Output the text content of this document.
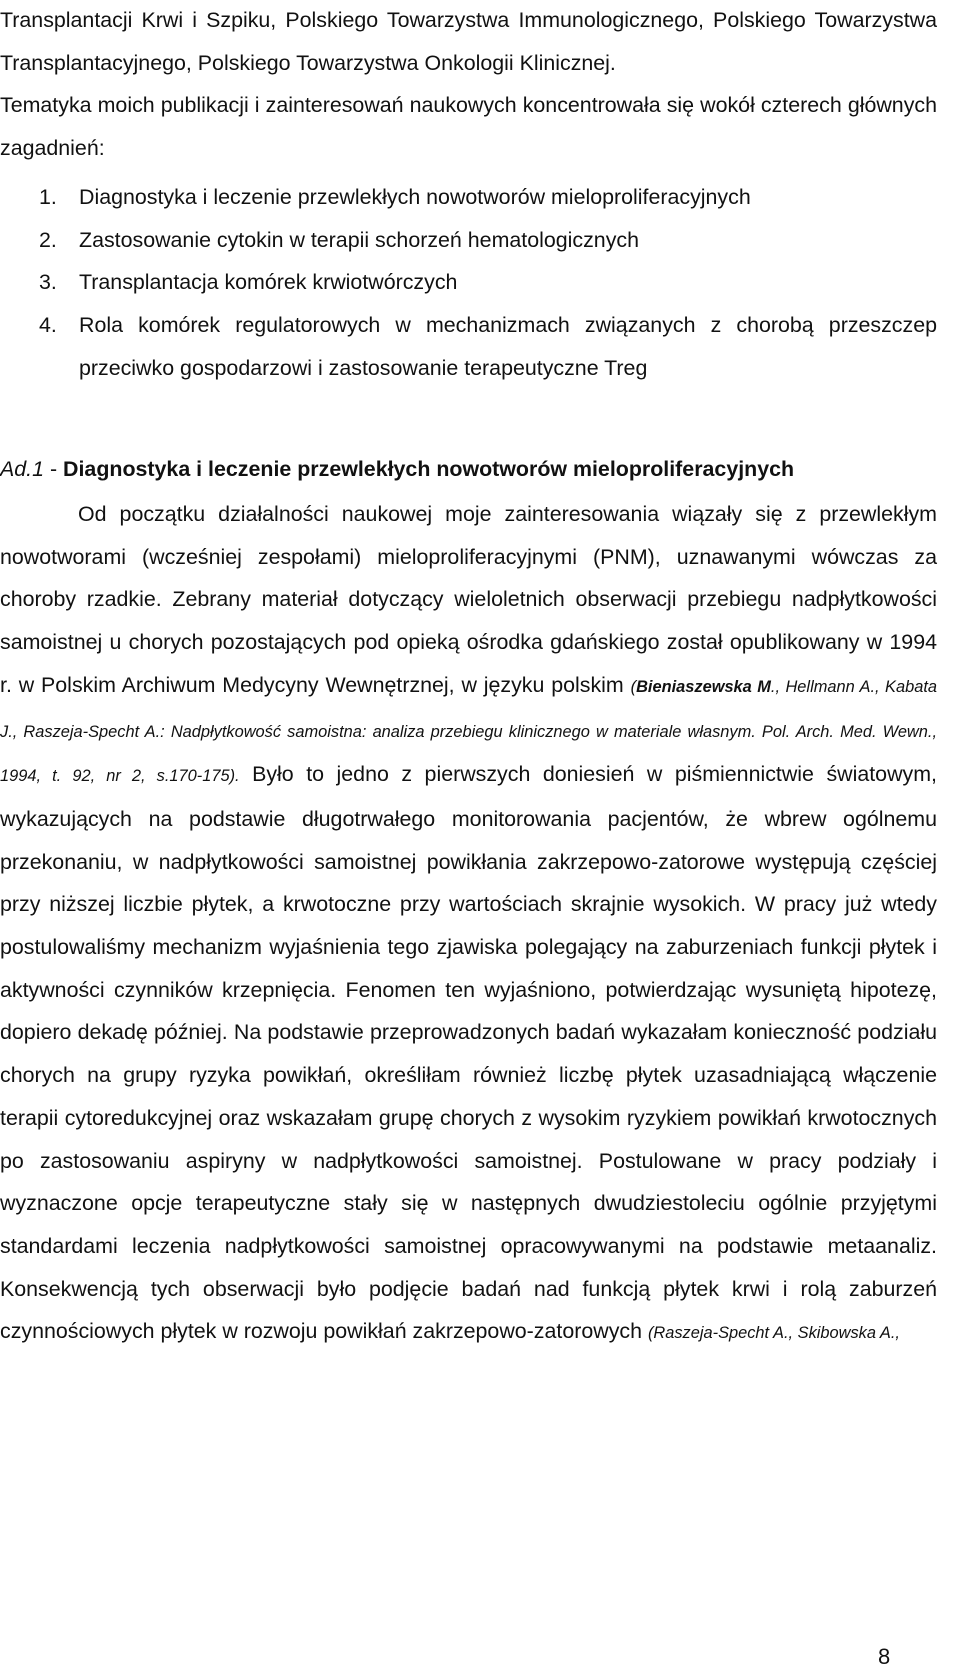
Transplantacji Krwi i Szpiku, Polskiego Towarzystwa Immunologicznego, Polskiego Towarzystwa Transplantacyjnego, Polskiego Towarzystwa Onkologii Klinicznej.
Tematyka moich publikacji i zainteresowań naukowych koncentrowała się wokół czterech głównych zagadnień:

1. Diagnostyka i leczenie przewlekłych nowotworów mieloproliferacyjnych
2. Zastosowanie cytokin w terapii schorzeń hematologicznych
3. Transplantacja komórek krwiotwórczych
4. Rola komórek regulatorowych w mechanizmach związanych z chorobą przeszczep przeciwko gospodarzowi i zastosowanie terapeutyczne Treg

Ad.1 - Diagnostyka i leczenie przewlekłych nowotworów mieloproliferacyjnych

Od początku działalności naukowej moje zainteresowania wiązały się z przewlekłym nowotworami (wcześniej zespołami) mieloproliferacyjnymi (PNM), uznawanymi wówczas za choroby rzadkie. Zebrany materiał dotyczący wieloletnich obserwacji przebiegu nadpłytkowości samoistnej u chorych pozostających pod opieką ośrodka gdańskiego został opublikowany w 1994 r. w Polskim Archiwum Medycyny Wewnętrznej, w języku polskim (Bieniaszewska M., Hellmann A., Kabata J., Raszeja-Specht A.: Nadpłytkowość samoistna: analiza przebiegu klinicznego w materiale własnym. Pol. Arch. Med. Wewn., 1994, t. 92, nr 2, s.170-175). Było to jedno z pierwszych doniesień w piśmiennictwie światowym, wykazujących na podstawie długotrwałego monitorowania pacjentów, że wbrew ogólnemu przekonaniu, w nadpłytkowości samoistnej powikłania zakrzepowo-zatorowe występują częściej przy niższej liczbie płytek, a krwotoczne przy wartościach skrajnie wysokich. W pracy już wtedy postulowaliśmy mechanizm wyjaśnienia tego zjawiska polegający na zaburzeniach funkcji płytek i aktywności czynników krzepnięcia. Fenomen ten wyjaśniono, potwierdzając wysuniętą hipotezę, dopiero dekadę później. Na podstawie przeprowadzonych badań wykazałam konieczność podziału chorych na grupy ryzyka powikłań, określiłam również liczbę płytek uzasadniającą włączenie terapii cytoredukcyjnej oraz wskazałam grupę chorych z wysokim ryzykiem powikłań krwotocznych po zastosowaniu aspiryny w nadpłytkowości samoistnej. Postulowane w pracy podziały i wyznaczone opcje terapeutyczne stały się w następnych dwudziestoleciu ogólnie przyjętymi standardami leczenia nadpłytkowości samoistnej opracowywanymi na podstawie metaanaliz. Konsekwencją tych obserwacji było podjęcie badań nad funkcją płytek krwi i rolą zaburzeń czynnościowych płytek w rozwoju powikłań zakrzepowo-zatorowych (Raszeja-Specht A., Skibowska A.,

8
